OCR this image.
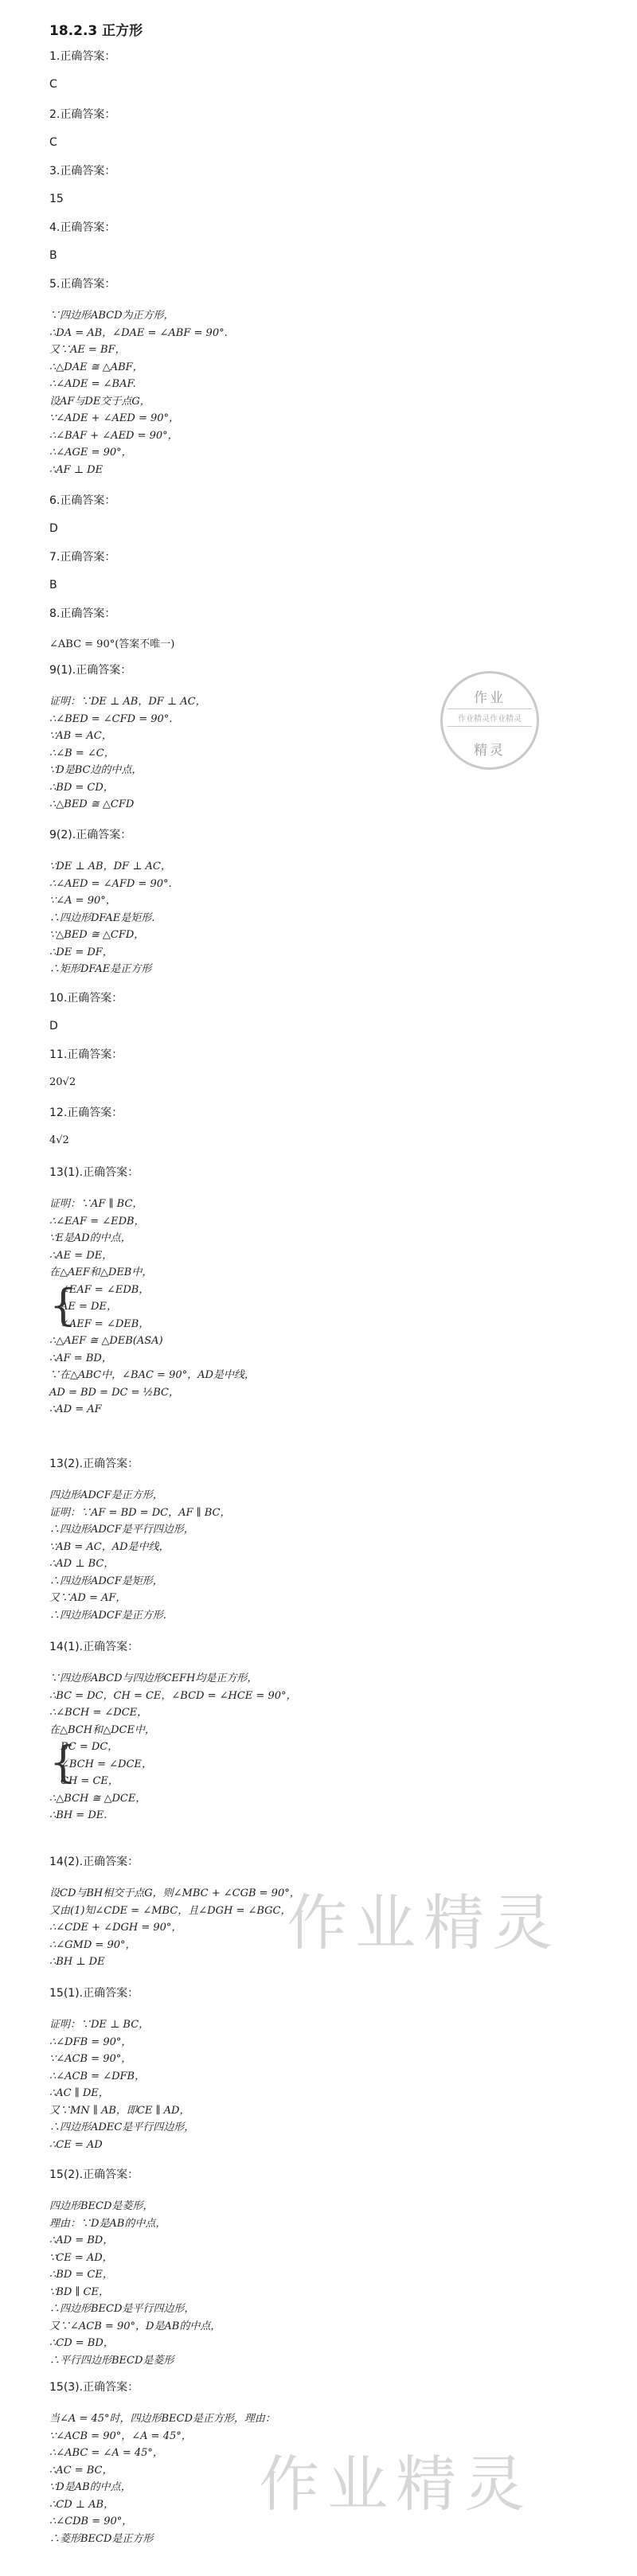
18.2.3 正方形
1.正确答案：
C
2.正确答案：
C
3.正确答案：
15
4.正确答案：
B
5.正确答案：
∵四边形ABCD为正方形，
∴DA = AB，∠DAE = ∠ABF = 90°.
又∵AE = BF，
∴△DAE ≅ △ABF，
∴∠ADE = ∠BAF.
设AF与DE交于点G，
∵∠ADE + ∠AED = 90°，
∴∠BAF + ∠AED = 90°，
∴∠AGE = 90°，
∴AF ⊥ DE
6.正确答案：
D
7.正确答案：
B
8.正确答案：
∠ABC = 90°(答案不唯一)
9(1).正确答案：
证明：∵DE ⊥ AB，DF ⊥ AC，
∴∠BED = ∠CFD = 90°.
∵AB = AC，
∴∠B = ∠C，
∵D是BC边的中点，
∴BD = CD，
∴△BED ≅ △CFD
9(2).正确答案：
∵DE ⊥ AB，DF ⊥ AC，
∴∠AED = ∠AFD = 90°.
∵∠A = 90°，
∴四边形DFAE是矩形.
∵△BED ≅ △CFD，
∴DE = DF，
∴矩形DFAE是正方形
10.正确答案：
D
11.正确答案：
20√2
12.正确答案：
4√2
13(1).正确答案：
证明：∵AF ∥ BC，
∴∠EAF = ∠EDB，
∵E是AD的中点，
∴AE = DE，
在△AEF和△DEB中，
{
∠EAF = ∠EDB，
AE = DE，
∠AEF = ∠DEB，
∴△AEF ≅ △DEB(ASA)
∴AF = BD，
∵在△ABC中，∠BAC = 90°，AD是中线，
AD = BD = DC = ½BC，
∴AD = AF
13(2).正确答案：
四边形ADCF是正方形，
证明：∵AF = BD = DC，AF ∥ BC，
∴四边形ADCF是平行四边形，
∵AB = AC，AD是中线，
∴AD ⊥ BC，
∴四边形ADCF是矩形，
又∵AD = AF，
∴四边形ADCF是正方形.
14(1).正确答案：
∵四边形ABCD与四边形CEFH均是正方形，
∴BC = DC，CH = CE，∠BCD = ∠HCE = 90°，
∴∠BCH = ∠DCE，
在△BCH和△DCE中，
{
BC = DC，
∠BCH = ∠DCE，
CH = CE，
∴△BCH ≅ △DCE，
∴BH = DE.
14(2).正确答案：
设CD与BH相交于点G，则∠MBC + ∠CGB = 90°，
又由(1)知∠CDE = ∠MBC，且∠DGH = ∠BGC，
∴∠CDE + ∠DGH = 90°，
∴∠GMD = 90°，
∴BH ⊥ DE
15(1).正确答案：
证明：∵DE ⊥ BC，
∴∠DFB = 90°，
∵∠ACB = 90°，
∴∠ACB = ∠DFB，
∴AC ∥ DE，
又∵MN ∥ AB，即CE ∥ AD，
∴四边形ADEC是平行四边形，
∴CE = AD
15(2).正确答案：
四边形BECD是菱形，
理由：∵D是AB的中点，
∴AD = BD，
∵CE = AD，
∴BD = CE，
∵BD ∥ CE，
∴四边形BECD是平行四边形，
又∵∠ACB = 90°，D是AB的中点，
∴CD = BD，
∴平行四边形BECD是菱形
15(3).正确答案：
当∠A = 45°时，四边形BECD是正方形，理由：
∵∠ACB = 90°，∠A = 45°，
∴∠ABC = ∠A = 45°，
∴AC = BC，
∵D是AB的中点，
∴CD ⊥ AB，
∴∠CDB = 90°，
∴菱形BECD是正方形
作业
作业精灵作业精灵
精灵
作业精灵
作业精灵
